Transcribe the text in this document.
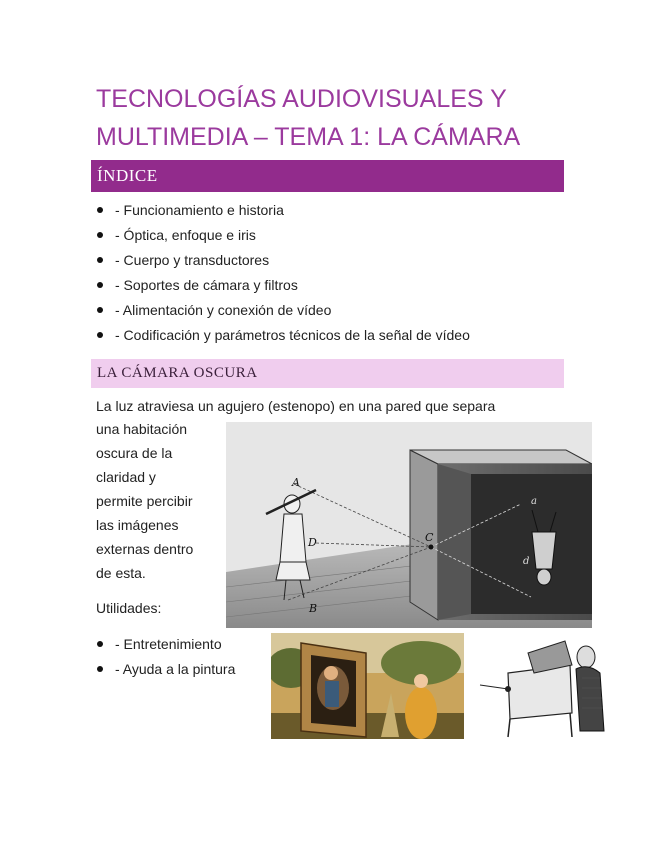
TECNOLOGÍAS AUDIOVISUALES Y
MULTIMEDIA – TEMA 1: LA CÁMARA
ÍNDICE
- Funcionamiento e historia
- Óptica, enfoque e iris
- Cuerpo y transductores
- Soportes de cámara y filtros
- Alimentación y conexión de vídeo
- Codificación y parámetros técnicos de la señal de vídeo
LA CÁMARA OSCURA
La luz atraviesa un agujero (estenopo) en una pared que separa
una habitación
oscura de la
claridad y
permite percibir
las imágenes
externas dentro
de esta.
Utilidades:
- Entretenimiento
- Ayuda a la pintura
A
D	C
B
a
d
